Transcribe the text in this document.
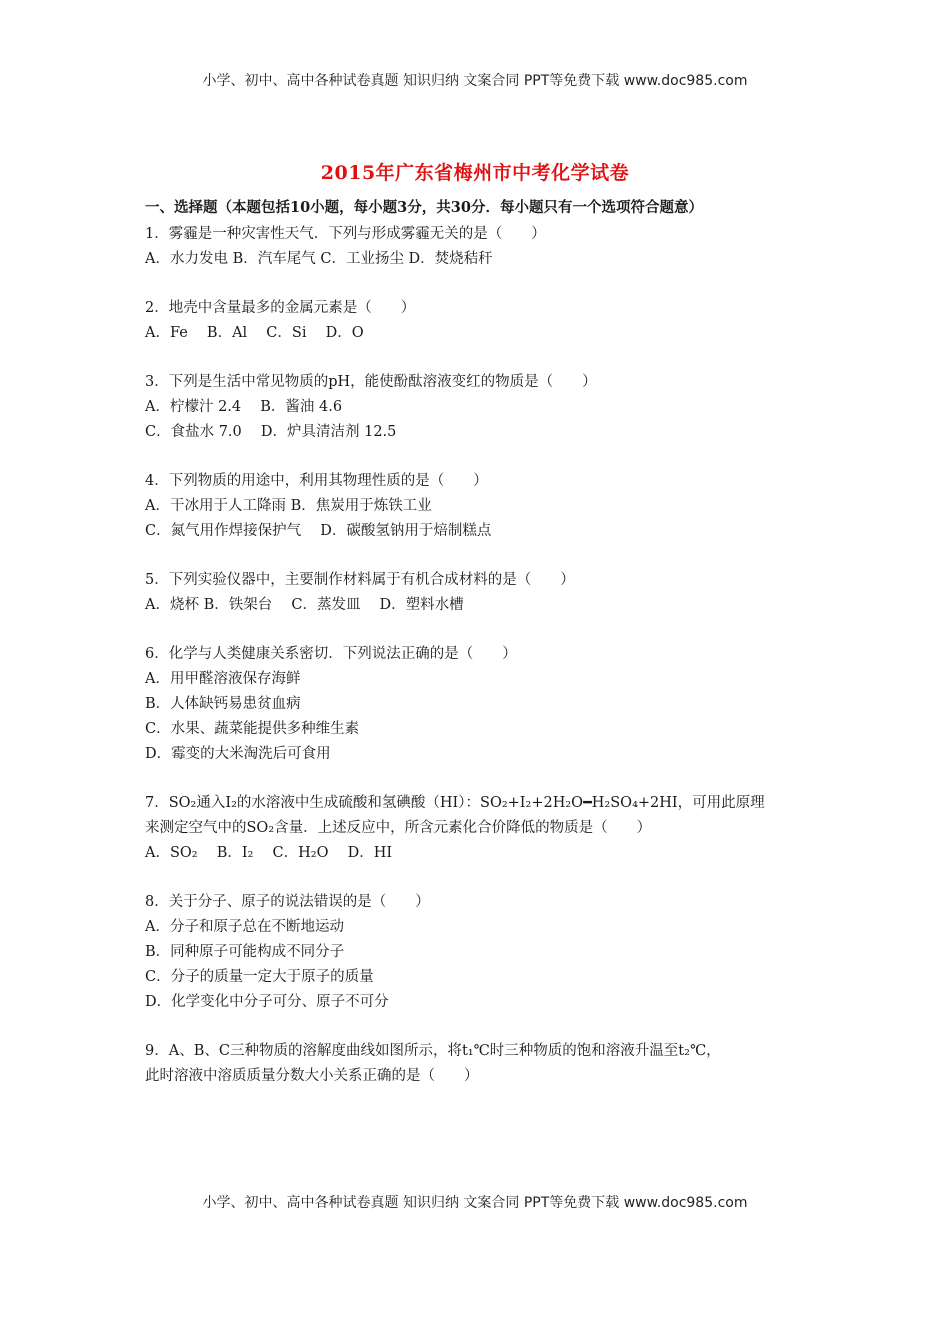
小学、初中、高中各种试卷真题 知识归纳 文案合同 PPT等免费下载 www.doc985.com
2015年广东省梅州市中考化学试卷
一、选择题（本题包括10小题，每小题3分，共30分．每小题只有一个选项符合题意）
1．雾霾是一种灾害性天气．下列与形成雾霾无关的是（　　）
A．水力发电 B．汽车尾气 C．工业扬尘 D．焚烧秸秆
2．地壳中含量最多的金属元素是（　　）
A．Fe　 B．Al　 C．Si　 D．O
3．下列是生活中常见物质的pH，能使酚酞溶液变红的物质是（　　）
A．柠檬汁 2.4　 B．酱油 4.6
C．食盐水 7.0　 D．炉具清洁剂 12.5
4．下列物质的用途中，利用其物理性质的是（　　）
A．干冰用于人工降雨 B．焦炭用于炼铁工业
C．氮气用作焊接保护气　 D．碳酸氢钠用于焙制糕点
5．下列实验仪器中，主要制作材料属于有机合成材料的是（　　）
A．烧杯 B．铁架台　 C．蒸发皿　 D．塑料水槽
6．化学与人类健康关系密切．下列说法正确的是（　　）
A．用甲醛溶液保存海鲜
B．人体缺钙易患贫血病
C．水果、蔬菜能提供多种维生素
D．霉变的大米淘洗后可食用
7．SO₂通入I₂的水溶液中生成硫酸和氢碘酸（HI）：SO₂+I₂+2H₂O━H₂SO₄+2HI，可用此原理
来测定空气中的SO₂含量．上述反应中，所含元素化合价降低的物质是（　　）
A．SO₂　 B．I₂　 C．H₂O　 D．HI
8．关于分子、原子的说法错误的是（　　）
A．分子和原子总在不断地运动
B．同种原子可能构成不同分子
C．分子的质量一定大于原子的质量
D．化学变化中分子可分、原子不可分
9．A、B、C三种物质的溶解度曲线如图所示，将t₁℃时三种物质的饱和溶液升温至t₂℃，
此时溶液中溶质质量分数大小关系正确的是（　　）
小学、初中、高中各种试卷真题 知识归纳 文案合同 PPT等免费下载 www.doc985.com
